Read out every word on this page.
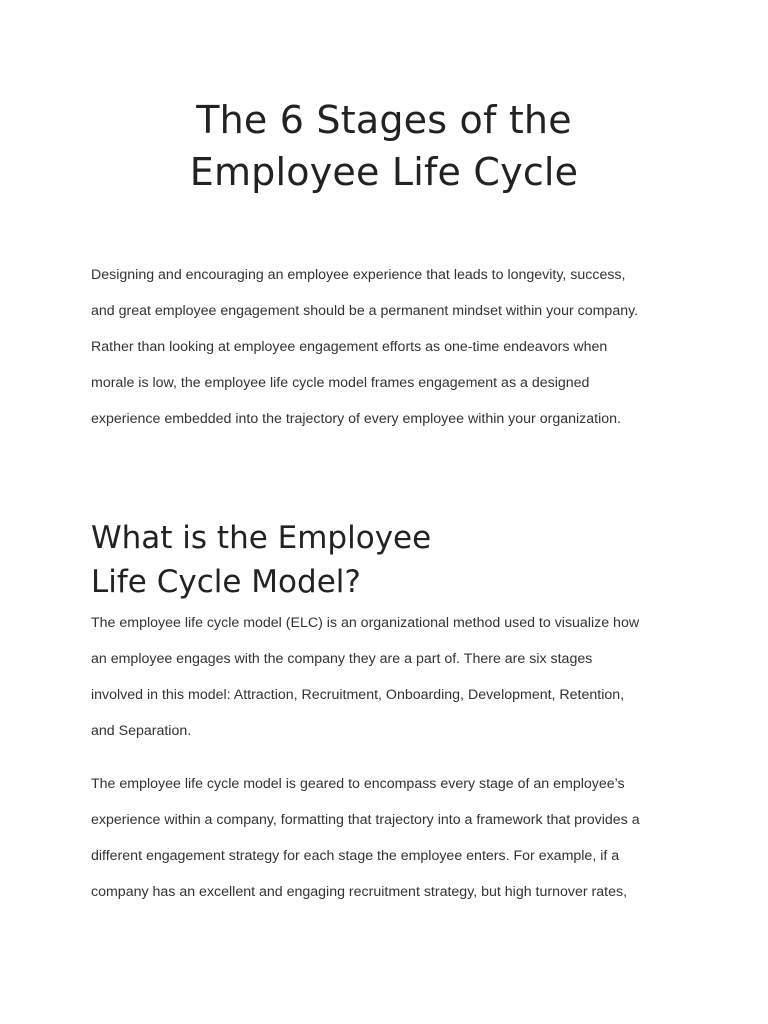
The 6 Stages of the
Employee Life Cycle

Designing and encouraging an employee experience that leads to longevity, success,
and great employee engagement should be a permanent mindset within your company.
Rather than looking at employee engagement efforts as one-time endeavors when
morale is low, the employee life cycle model frames engagement as a designed
experience embedded into the trajectory of every employee within your organization.

What is the Employee
Life Cycle Model?

The employee life cycle model (ELC) is an organizational method used to visualize how
an employee engages with the company they are a part of. There are six stages
involved in this model: Attraction, Recruitment, Onboarding, Development, Retention,
and Separation.

The employee life cycle model is geared to encompass every stage of an employee’s
experience within a company, formatting that trajectory into a framework that provides a
different engagement strategy for each stage the employee enters. For example, if a
company has an excellent and engaging recruitment strategy, but high turnover rates,
